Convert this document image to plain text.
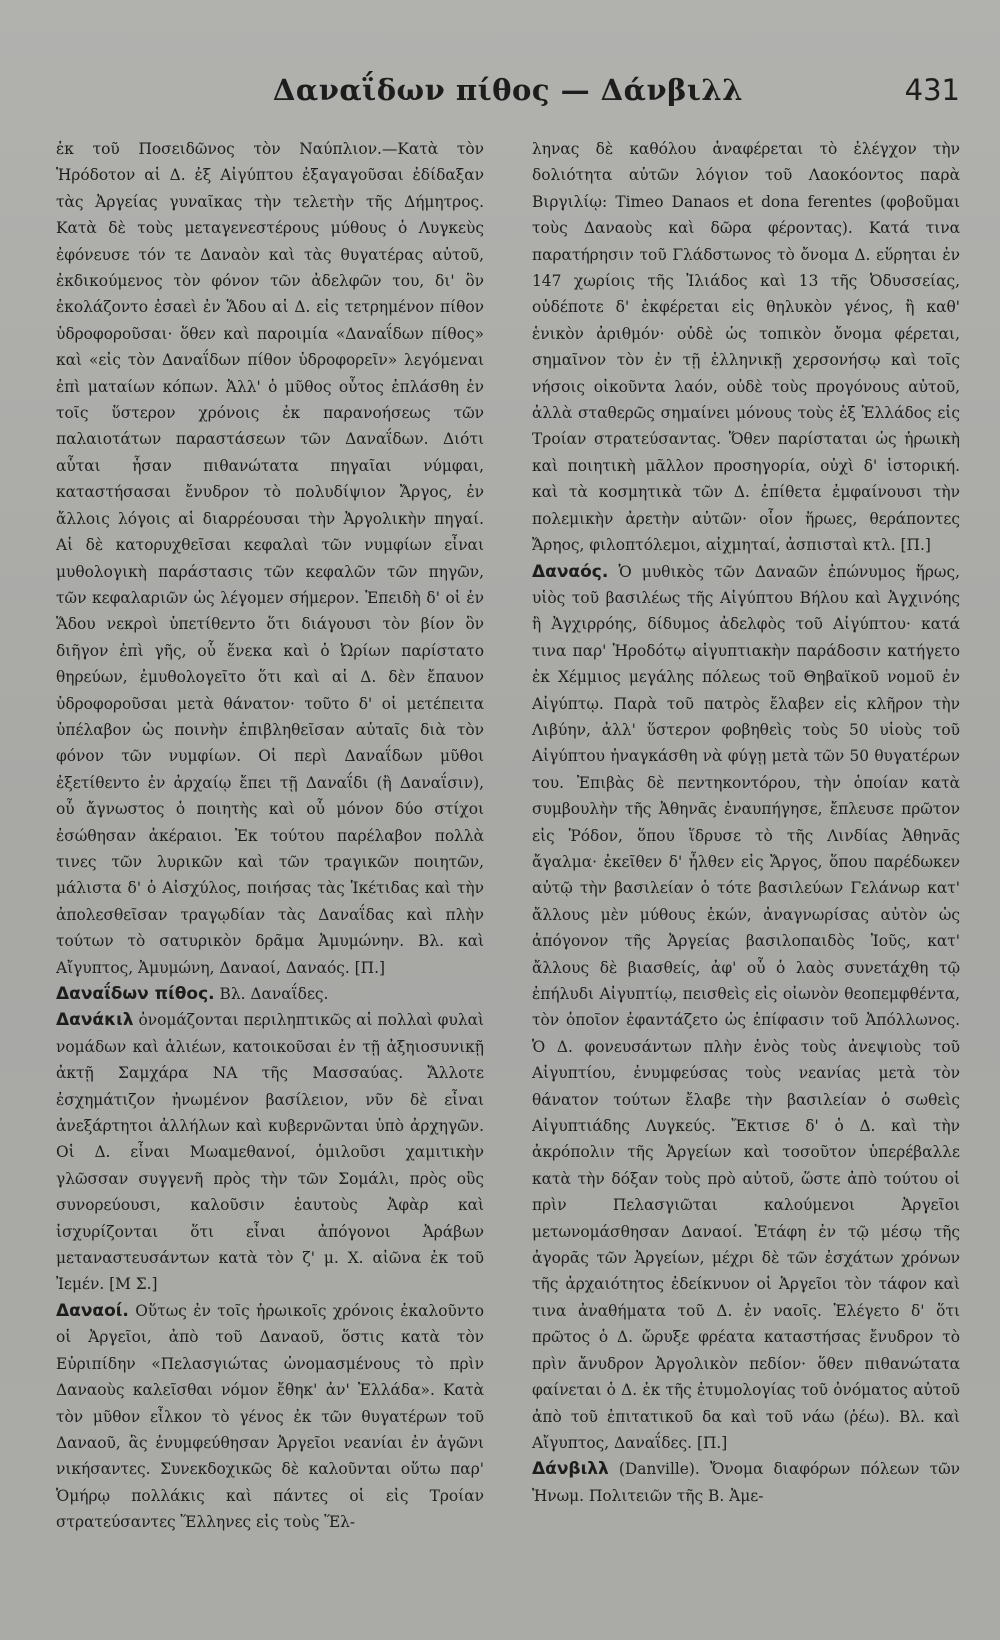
Δαναΐδων πίθος — Δάνβιλλ	431

ἐκ τοῦ Ποσειδῶνος τὸν Ναύπλιον.—Κατὰ τὸν Ἡρόδοτον αἱ Δ. ἐξ Αἰγύπτου ἐξαγαγοῦσαι ἐδίδαξαν τὰς Ἀργείας γυναῖκας τὴν τελετὴν τῆς Δήμητρος. Κατὰ δὲ τοὺς μεταγενεστέρους μύθους ὁ Λυγκεὺς ἐφόνευσε τόν τε Δαναὸν καὶ τὰς θυγατέρας αὐτοῦ, ἐκδικούμενος τὸν φόνον τῶν ἀδελφῶν του, δι' ὃν ἐκολάζοντο ἐσαεὶ ἐν Ἅδου αἱ Δ. εἰς τετρημένον πίθον ὑδροφοροῦσαι· ὅθεν καὶ παροιμία «Δαναΐδων πίθος» καὶ «εἰς τὸν Δαναΐδων πίθον ὑδροφορεῖν» λεγόμεναι ἐπὶ ματαίων κόπων. Ἀλλ' ὁ μῦθος οὗτος ἐπλάσθη ἐν τοῖς ὕστερον χρόνοις ἐκ παρανοήσεως τῶν παλαιοτάτων παραστάσεων τῶν Δαναΐδων. Διότι αὗται ἦσαν πιθανώτατα πηγαῖαι νύμφαι, καταστήσασαι ἔνυδρον τὸ πολυδίψιον Ἄργος, ἐν ἄλλοις λόγοις αἱ διαρρέουσαι τὴν Ἀργολικὴν πηγαί. Αἱ δὲ κατορυχθεῖσαι κεφαλαὶ τῶν νυμφίων εἶναι μυθολογικὴ παράστασις τῶν κεφαλῶν τῶν πηγῶν, τῶν κεφαλαριῶν ὡς λέγομεν σήμερον. Ἐπειδὴ δ' οἱ ἐν Ἅδου νεκροὶ ὑπετίθεντο ὅτι διάγουσι τὸν βίον ὃν διῆγον ἐπὶ γῆς, οὗ ἕνεκα καὶ ὁ Ὠρίων παρίστατο θηρεύων, ἐμυθολογεῖτο ὅτι καὶ αἱ Δ. δὲν ἔπαυον ὑδροφοροῦσαι μετὰ θάνατον· τοῦτο δ' οἱ μετέπειτα ὑπέλαβον ὡς ποινὴν ἐπιβληθεῖσαν αὐταῖς διὰ τὸν φόνον τῶν νυμφίων. Οἱ περὶ Δαναΐδων μῦθοι ἐξετίθεντο ἐν ἀρχαίῳ ἔπει τῇ Δαναΐδι (ἢ Δαναΐσιν), οὗ ἄγνωστος ὁ ποιητὴς καὶ οὗ μόνον δύο στίχοι ἐσώθησαν ἀκέραιοι. Ἐκ τούτου παρέλαβον πολλὰ τινες τῶν λυρικῶν καὶ τῶν τραγικῶν ποιητῶν, μάλιστα δ' ὁ Αἰσχύλος, ποιήσας τὰς Ἱκέτιδας καὶ τὴν ἀπολεσθεῖσαν τραγῳδίαν τὰς Δαναΐδας καὶ πλὴν τούτων τὸ σατυρικὸν δρᾶμα Ἀμυμώνην. Βλ. καὶ Αἴγυπτος, Ἀμυμώνη, Δαναοί, Δαναός. [Π.]

Δαναΐδων πίθος. Βλ. Δαναΐδες.

Δανάκιλ ὀνομάζονται περιληπτικῶς αἱ πολλαὶ φυλαὶ νομάδων καὶ ἁλιέων, κατοικοῦσαι ἐν τῇ ἀξηιοσυνικῇ ἀκτῇ Σαμχάρα ΝΑ τῆς Μασσαύας. Ἄλλοτε ἐσχημάτιζον ἠνωμένον βασίλειον, νῦν δὲ εἶναι ἀνεξάρτητοι ἀλλήλων καὶ κυβερνῶνται ὑπὸ ἀρχηγῶν. Οἱ Δ. εἶναι Μωαμεθανοί, ὁμιλοῦσι χαμιτικὴν γλῶσσαν συγγενῆ πρὸς τὴν τῶν Σομάλι, πρὸς οὓς συνορεύουσι, καλοῦσιν ἑαυτοὺς Ἀφὰρ καὶ ἰσχυρίζονται ὅτι εἶναι ἀπόγονοι Ἀράβων μεταναστευσάντων κατὰ τὸν ζ' μ. Χ. αἰῶνα ἐκ τοῦ Ἰεμέν. [Μ Σ.]

Δαναοί. Οὕτως ἐν τοῖς ἡρωικοῖς χρόνοις ἐκαλοῦντο οἱ Ἀργεῖοι, ἀπὸ τοῦ Δαναοῦ, ὅστις κατὰ τὸν Εὐριπίδην «Πελασγιώτας ὠνομασμένους τὸ πρὶν Δαναοὺς καλεῖσθαι νόμον ἔθηκ' ἀν' Ἑλλάδα». Κατὰ τὸν μῦθον εἶλκον τὸ γένος ἐκ τῶν θυγατέρων τοῦ Δαναοῦ, ἃς ἐνυμφεύθησαν Ἀργεῖοι νεανίαι ἐν ἀγῶνι νικήσαντες. Συνεκδοχικῶς δὲ καλοῦνται οὕτω παρ' Ὁμήρῳ πολλάκις καὶ πάντες οἱ εἰς Τροίαν στρατεύσαντες Ἕλληνες εἰς τοὺς Ἕλ-

ληνας δὲ καθόλου ἀναφέρεται τὸ ἐλέγχον τὴν δολιότητα αὐτῶν λόγιον τοῦ Λαοκόοντος παρὰ Βιργιλίῳ: Timeo Danaos et dona ferentes (φοβοῦμαι τοὺς Δαναοὺς καὶ δῶρα φέροντας). Κατά τινα παρατήρησιν τοῦ Γλάδστωνος τὸ ὄνομα Δ. εὕρηται ἐν 147 χωρίοις τῆς Ἰλιάδος καὶ 13 τῆς Ὀδυσσείας, οὐδέποτε δ' ἐκφέρεται εἰς θηλυκὸν γένος, ἢ καθ' ἑνικὸν ἀριθμόν· οὐδὲ ὡς τοπικὸν ὄνομα φέρεται, σημαῖνον τὸν ἐν τῇ ἑλληνικῇ χερσονήσῳ καὶ τοῖς νήσοις οἰκοῦντα λαόν, οὐδὲ τοὺς προγόνους αὐτοῦ, ἀλλὰ σταθερῶς σημαίνει μόνους τοὺς ἐξ Ἑλλάδος εἰς Τροίαν στρατεύσαντας. Ὅθεν παρίσταται ὡς ἡρωικὴ καὶ ποιητικὴ μᾶλλον προσηγορία, οὐχὶ δ' ἱστορική. καὶ τὰ κοσμητικὰ τῶν Δ. ἐπίθετα ἐμφαίνουσι τὴν πολεμικὴν ἀρετὴν αὐτῶν· οἷον ἥρωες, θεράποντες Ἄρηος, φιλοπτόλεμοι, αἰχμηταί, ἀσπισταὶ κτλ. [Π.]

Δαναός. Ὁ μυθικὸς τῶν Δαναῶν ἐπώνυμος ἥρως, υἱὸς τοῦ βασιλέως τῆς Αἰγύπτου Βήλου καὶ Ἀγχινόης ἢ Ἀγχιρρόης, δίδυμος ἀδελφὸς τοῦ Αἰγύπτου· κατά τινα παρ' Ἡροδότῳ αἰγυπτιακὴν παράδοσιν κατήγετο ἐκ Χέμμιος μεγάλης πόλεως τοῦ Θηβαϊκοῦ νομοῦ ἐν Αἰγύπτῳ. Παρὰ τοῦ πατρὸς ἔλαβεν εἰς κλῆρον τὴν Λιβύην, ἀλλ' ὕστερον φοβηθεὶς τοὺς 50 υἱοὺς τοῦ Αἰγύπτου ἠναγκάσθη νὰ φύγῃ μετὰ τῶν 50 θυγατέρων του. Ἐπιβὰς δὲ πεντηκοντόρου, τὴν ὁποίαν κατὰ συμβουλὴν τῆς Ἀθηνᾶς ἐναυπήγησε, ἔπλευσε πρῶτον εἰς Ῥόδον, ὅπου ἵδρυσε τὸ τῆς Λινδίας Ἀθηνᾶς ἄγαλμα· ἐκεῖθεν δ' ἦλθεν εἰς Ἄργος, ὅπου παρέδωκεν αὐτῷ τὴν βασιλείαν ὁ τότε βασιλεύων Γελάνωρ κατ' ἄλλους μὲν μύθους ἑκών, ἀναγνωρίσας αὐτὸν ὡς ἀπόγονον τῆς Ἀργείας βασιλοπαιδὸς Ἰοῦς, κατ' ἄλλους δὲ βιασθείς, ἀφ' οὗ ὁ λαὸς συνετάχθη τῷ ἐπήλυδι Αἰγυπτίῳ, πεισθεὶς εἰς οἰωνὸν θεοπεμφθέντα, τὸν ὁποῖον ἐφαντάζετο ὡς ἐπίφασιν τοῦ Ἀπόλλωνος. Ὁ Δ. φονευσάντων πλὴν ἑνὸς τοὺς ἀνεψιοὺς τοῦ Αἰγυπτίου, ἐνυμφεύσας τοὺς νεανίας μετὰ τὸν θάνατον τούτων ἔλαβε τὴν βασιλείαν ὁ σωθεὶς Αἰγυπτιάδης Λυγκεύς. Ἔκτισε δ' ὁ Δ. καὶ τὴν ἀκρόπολιν τῆς Ἀργείων καὶ τοσοῦτον ὑπερέβαλλε κατὰ τὴν δόξαν τοὺς πρὸ αὐτοῦ, ὥστε ἀπὸ τούτου οἱ πρὶν Πελασγιῶται καλούμενοι Ἀργεῖοι μετωνομάσθησαν Δαναοί. Ἐτάφη ἐν τῷ μέσῳ τῆς ἀγορᾶς τῶν Ἀργείων, μέχρι δὲ τῶν ἐσχάτων χρόνων τῆς ἀρχαιότητος ἐδείκνυον οἱ Ἀργεῖοι τὸν τάφον καὶ τινα ἀναθήματα τοῦ Δ. ἐν ναοῖς. Ἐλέγετο δ' ὅτι πρῶτος ὁ Δ. ὤρυξε φρέατα καταστήσας ἔνυδρον τὸ πρὶν ἄνυδρον Ἀργολικὸν πεδίον· ὅθεν πιθανώτατα φαίνεται ὁ Δ. ἐκ τῆς ἐτυμολογίας τοῦ ὀνόματος αὐτοῦ ἀπὸ τοῦ ἐπιτατικοῦ δα καὶ τοῦ νάω (ῥέω). Βλ. καὶ Αἴγυπτος, Δαναΐδες. [Π.]

Δάνβιλλ (Danville). Ὄνομα διαφόρων πόλεων τῶν Ἡνωμ. Πολιτειῶν τῆς Β. Ἀμε-
